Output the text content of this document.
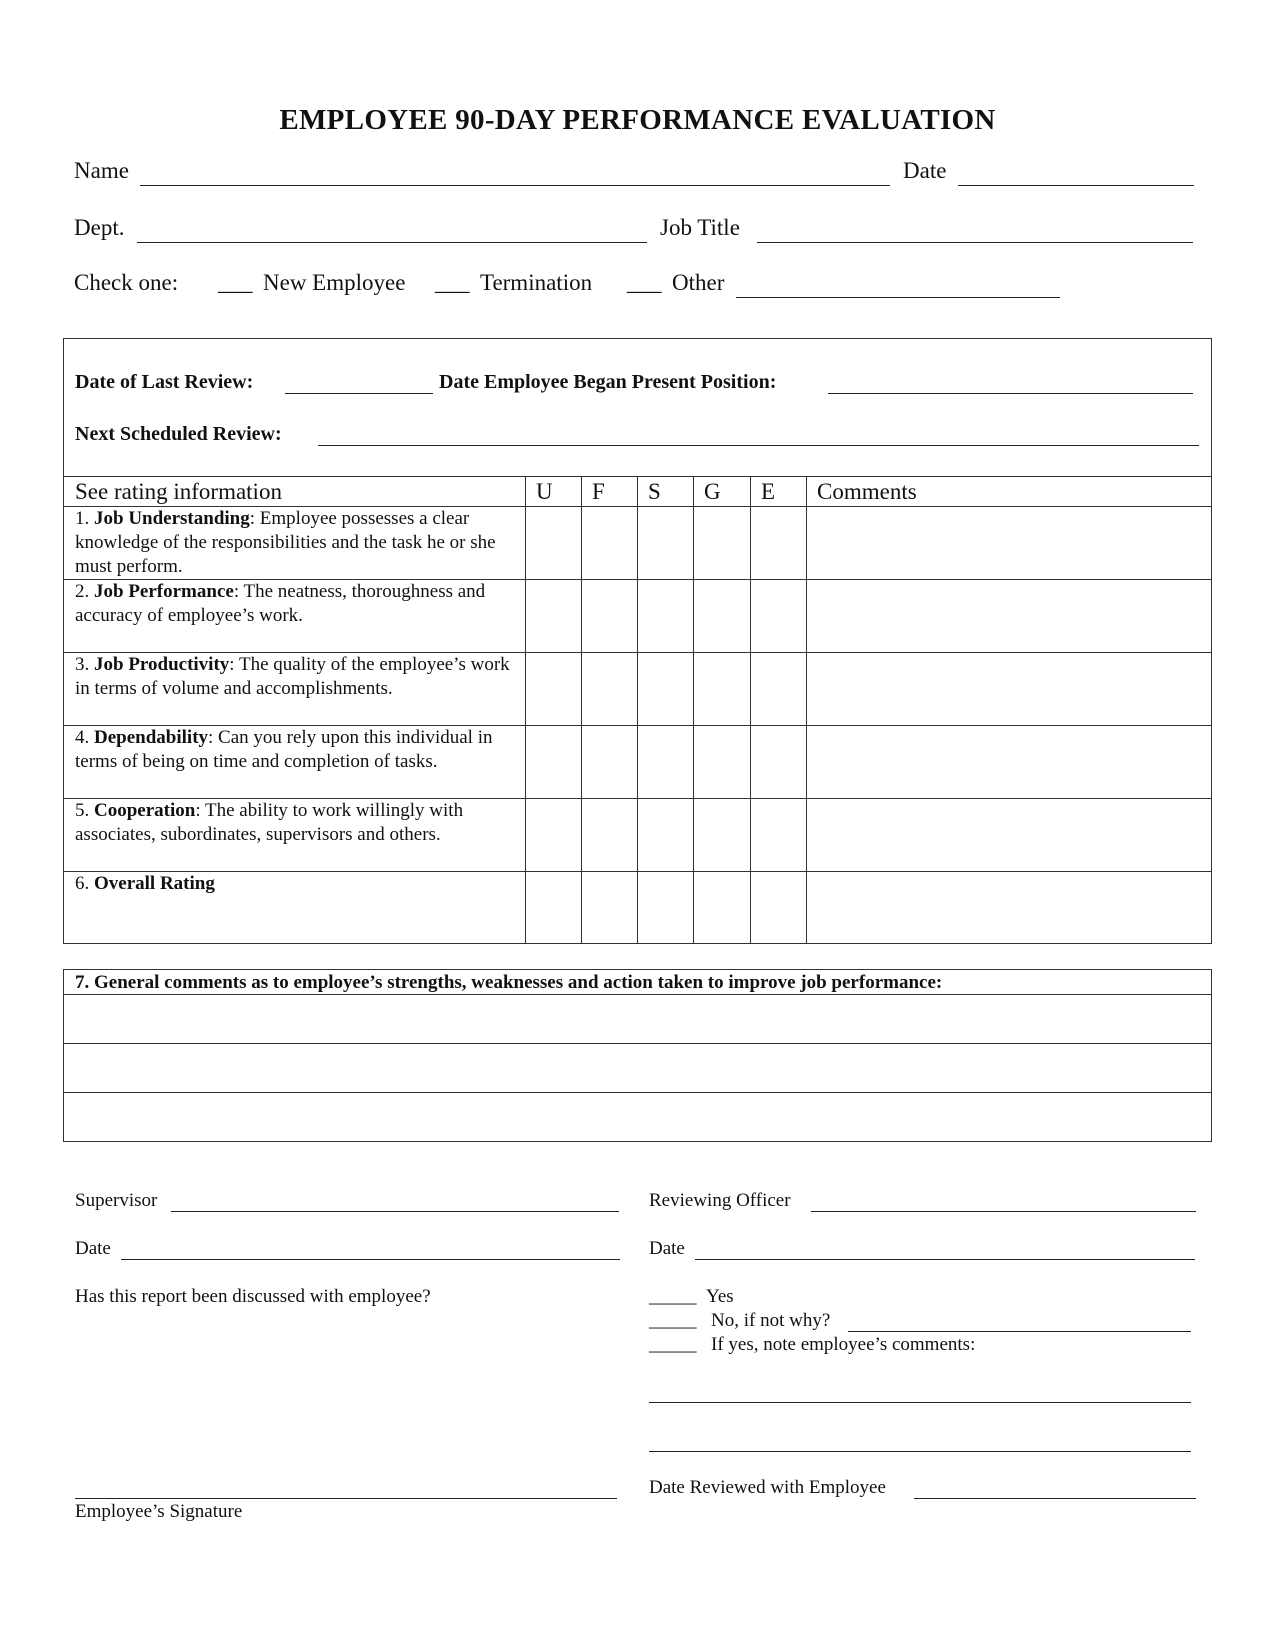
EMPLOYEE 90-DAY PERFORMANCE EVALUATION
Name	Date
Dept.	Job Title
Check one: ___ New Employee ___ Termination ___ Other
Date of Last Review:	Date Employee Began Present Position:
Next Scheduled Review:
See rating information	U F S G E Comments
1. Job Understanding: Employee possesses a clear knowledge of the responsibilities and the task he or she must perform.
2. Job Performance: The neatness, thoroughness and accuracy of employee’s work.
3. Job Productivity: The quality of the employee’s work in terms of volume and accomplishments.
4. Dependability: Can you rely upon this individual in terms of being on time and completion of tasks.
5. Cooperation: The ability to work willingly with associates, subordinates, supervisors and others.
6. Overall Rating
7. General comments as to employee’s strengths, weaknesses and action taken to improve job performance:
Supervisor	Reviewing Officer
Date	Date
Has this report been discussed with employee?	_____ Yes
_____ No, if not why?
_____ If yes, note employee’s comments:
Date Reviewed with Employee
Employee’s Signature
